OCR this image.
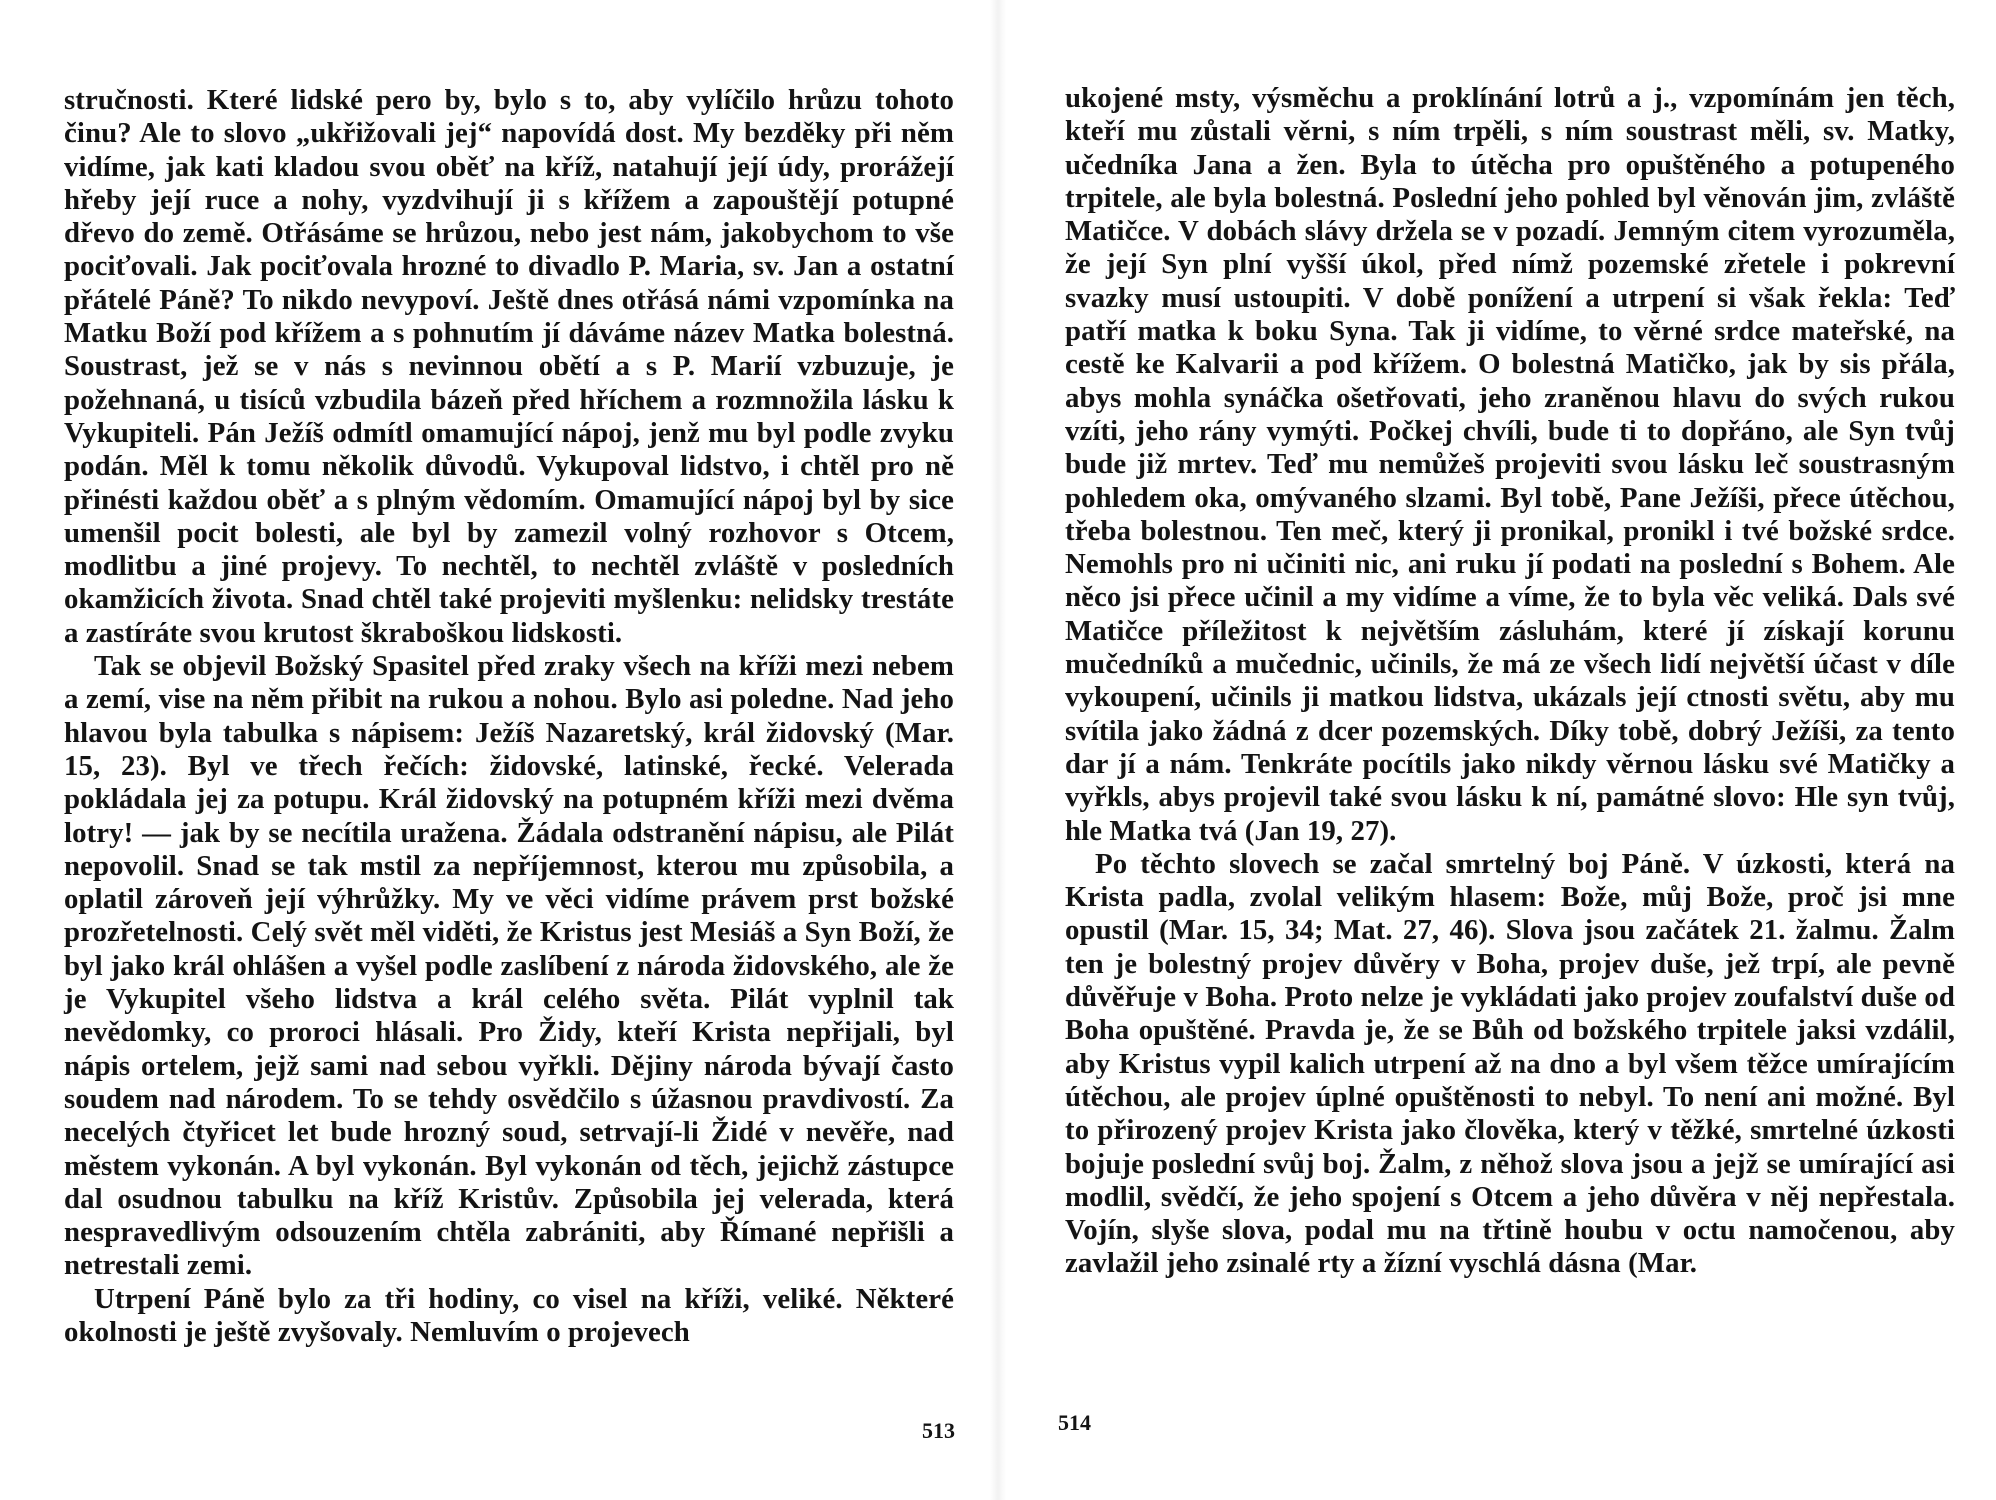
stručnosti. Které lidské pero by, bylo s to, aby vylíčilo hrůzu tohoto činu? Ale to slovo „ukřižovali jej“ napovídá dost. My bezděky při něm vidíme, jak kati kladou svou oběť na kříž, natahují její údy, prorážejí hřeby její ruce a nohy, vyzdvihují ji s křížem a zapouštějí potupné dřevo do země. Otřásáme se hrůzou, nebo jest nám, jakobychom to vše pociťovali. Jak pociťovala hrozné to divadlo P. Maria, sv. Jan a ostatní přátelé Páně? To nikdo nevypoví. Ještě dnes otřásá námi vzpomínka na Matku Boží pod křížem a s pohnutím jí dáváme název Matka bolestná. Soustrast, jež se v nás s nevinnou obětí a s P. Marií vzbuzuje, je požehnaná, u tisíců vzbudila bázeň před hříchem a rozmnožila lásku k Vykupiteli. Pán Ježíš odmítl omamující nápoj, jenž mu byl podle zvyku podán. Měl k tomu několik důvodů. Vykupoval lidstvo, i chtěl pro ně přinésti každou oběť a s plným vědomím. Omamující nápoj byl by sice umenšil pocit bolesti, ale byl by zamezil volný rozhovor s Otcem, modlitbu a jiné projevy. To nechtěl, to nechtěl zvláště v posledních okamžicích života. Snad chtěl také projeviti myšlenku: nelidsky trestáte a zastíráte svou krutost škraboškou lidskosti.

Tak se objevil Božský Spasitel před zraky všech na kříži mezi nebem a zemí, vise na něm přibit na rukou a nohou. Bylo asi poledne. Nad jeho hlavou byla tabulka s nápisem: Ježíš Nazaretský, král židovský (Mar. 15, 23). Byl ve třech řečích: židovské, latinské, řecké. Velerada pokládala jej za potupu. Král židovský na potupném kříži mezi dvěma lotry! — jak by se necítila uražena. Žádala odstranění nápisu, ale Pilát nepovolil. Snad se tak mstil za nepříjemnost, kterou mu způsobila, a oplatil zároveň její výhrůžky. My ve věci vidíme právem prst božské prozřetelnosti. Celý svět měl viděti, že Kristus jest Mesiáš a Syn Boží, že byl jako král ohlášen a vyšel podle zaslíbení z národa židovského, ale že je Vykupitel všeho lidstva a král celého světa. Pilát vyplnil tak nevědomky, co proroci hlásali. Pro Židy, kteří Krista nepřijali, byl nápis ortelem, jejž sami nad sebou vyřkli. Dějiny národa bývají často soudem nad národem. To se tehdy osvědčilo s úžasnou pravdivostí. Za necelých čtyřicet let bude hrozný soud, setrvají-li Židé v nevěře, nad městem vykonán. A byl vykonán. Byl vykonán od těch, jejichž zástupce dal osudnou tabulku na kříž Kristův. Způsobila jej velerada, která nespravedlivým odsouzením chtěla zabrániti, aby Římané nepřišli a netrestali zemi.

Utrpení Páně bylo za tři hodiny, co visel na kříži, veliké. Některé okolnosti je ještě zvyšovaly. Nemluvím o projevech

513

ukojené msty, výsměchu a proklínání lotrů a j., vzpomínám jen těch, kteří mu zůstali věrni, s ním trpěli, s ním soustrast měli, sv. Matky, učedníka Jana a žen. Byla to útěcha pro opuštěného a potupeného trpitele, ale byla bolestná. Poslední jeho pohled byl věnován jim, zvláště Matičce. V dobách slávy držela se v pozadí. Jemným citem vyrozuměla, že její Syn plní vyšší úkol, před nímž pozemské zřetele i pokrevní svazky musí ustoupiti. V době ponížení a utrpení si však řekla: Teď patří matka k boku Syna. Tak ji vidíme, to věrné srdce mateřské, na cestě ke Kalvarii a pod křížem. O bolestná Matičko, jak by sis přála, abys mohla synáčka ošetřovati, jeho zraněnou hlavu do svých rukou vzíti, jeho rány vymýti. Počkej chvíli, bude ti to dopřáno, ale Syn tvůj bude již mrtev. Teď mu nemůžeš projeviti svou lásku leč soustrasným pohledem oka, omývaného slzami. Byl tobě, Pane Ježíši, přece útěchou, třeba bolestnou. Ten meč, který ji pronikal, pronikl i tvé božské srdce. Nemohls pro ni učiniti nic, ani ruku jí podati na poslední s Bohem. Ale něco jsi přece učinil a my vidíme a víme, že to byla věc veliká. Dals své Matičce příležitost k největším zásluhám, které jí získají korunu mučedníků a mučednic, učinils, že má ze všech lidí největší účast v díle vykoupení, učinils ji matkou lidstva, ukázals její ctnosti světu, aby mu svítila jako žádná z dcer pozemských. Díky tobě, dobrý Ježíši, za tento dar jí a nám. Tenkráte pocítils jako nikdy věrnou lásku své Matičky a vyřkls, abys projevil také svou lásku k ní, památné slovo: Hle syn tvůj, hle Matka tvá (Jan 19, 27).

Po těchto slovech se začal smrtelný boj Páně. V úzkosti, která na Krista padla, zvolal velikým hlasem: Bože, můj Bože, proč jsi mne opustil (Mar. 15, 34; Mat. 27, 46). Slova jsou začátek 21. žalmu. Žalm ten je bolestný projev důvěry v Boha, projev duše, jež trpí, ale pevně důvěřuje v Boha. Proto nelze je vykládati jako projev zoufalství duše od Boha opuštěné. Pravda je, že se Bůh od božského trpitele jaksi vzdálil, aby Kristus vypil kalich utrpení až na dno a byl všem těžce umírajícím útěchou, ale projev úplné opuštěnosti to nebyl. To není ani možné. Byl to přirozený projev Krista jako člověka, který v těžké, smrtelné úzkosti bojuje poslední svůj boj. Žalm, z něhož slova jsou a jejž se umírající asi modlil, svědčí, že jeho spojení s Otcem a jeho důvěra v něj nepřestala. Vojín, slyše slova, podal mu na třtině houbu v octu namočenou, aby zavlažil jeho zsinalé rty a žízní vyschlá dásna (Mar.

514
